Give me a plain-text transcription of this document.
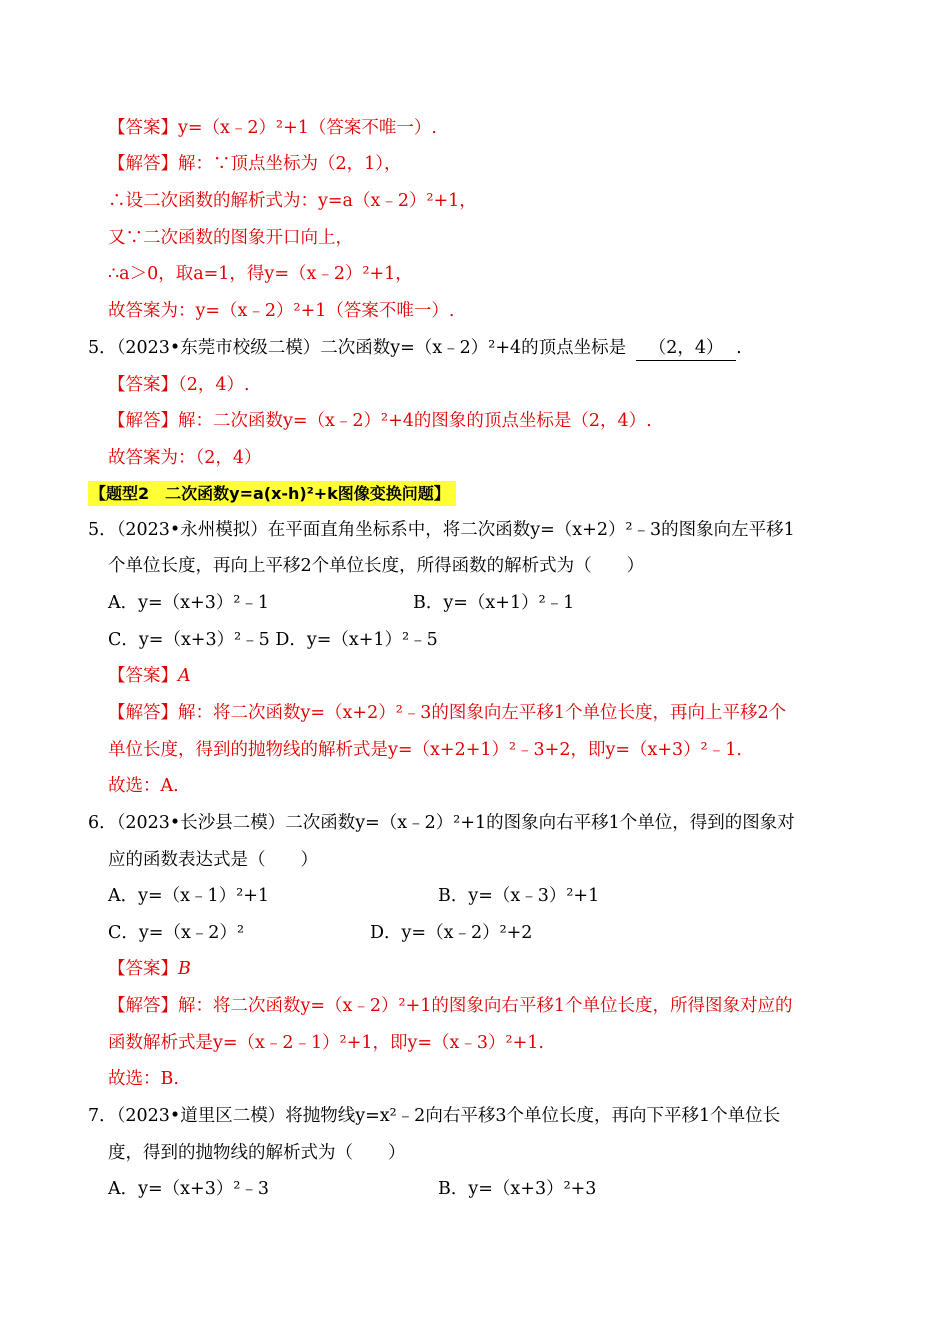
【答案】y=（x﹣2）²+1（答案不唯一）.
【解答】解：∵顶点坐标为（2，1），
∴设二次函数的解析式为：y=a（x﹣2）²+1，
又∵二次函数的图象开口向上，
∴a＞0，取a=1，得y=（x﹣2）²+1，
故答案为：y=（x﹣2）²+1（答案不唯一）.
5．（2023•东莞市校级二模）二次函数y=（x﹣2）²+4的顶点坐标是 （2，4） .
【答案】（2，4）.
【解答】解：二次函数y=（x﹣2）²+4的图象的顶点坐标是（2，4）.
故答案为：（2，4）
【题型2　二次函数y=a(x-h)²+k图像变换问题】
5．（2023•永州模拟）在平面直角坐标系中，将二次函数y=（x+2）²﹣3的图象向左平移1
个单位长度，再向上平移2个单位长度，所得函数的解析式为（　　）
A．y=（x+3）²﹣1	B．y=（x+1）²﹣1
C．y=（x+3）²﹣5 D．y=（x+1）²﹣5
【答案】A
【解答】解：将二次函数y=（x+2）²﹣3的图象向左平移1个单位长度，再向上平移2个
单位长度，得到的抛物线的解析式是y=（x+2+1）²﹣3+2，即y=（x+3）²﹣1.
故选：A.
6．（2023•长沙县二模）二次函数y=（x﹣2）²+1的图象向右平移1个单位，得到的图象对
应的函数表达式是（　　）
A．y=（x﹣1）²+1	B．y=（x﹣3）²+1
C．y=（x﹣2）²	D．y=（x﹣2）²+2
【答案】B
【解答】解：将二次函数y=（x﹣2）²+1的图象向右平移1个单位长度，所得图象对应的
函数解析式是y=（x﹣2﹣1）²+1，即y=（x﹣3）²+1.
故选：B.
7．（2023•道里区二模）将抛物线y=x²﹣2向右平移3个单位长度，再向下平移1个单位长
度，得到的抛物线的解析式为（　　）
A．y=（x+3）²﹣3	B．y=（x+3）²+3
